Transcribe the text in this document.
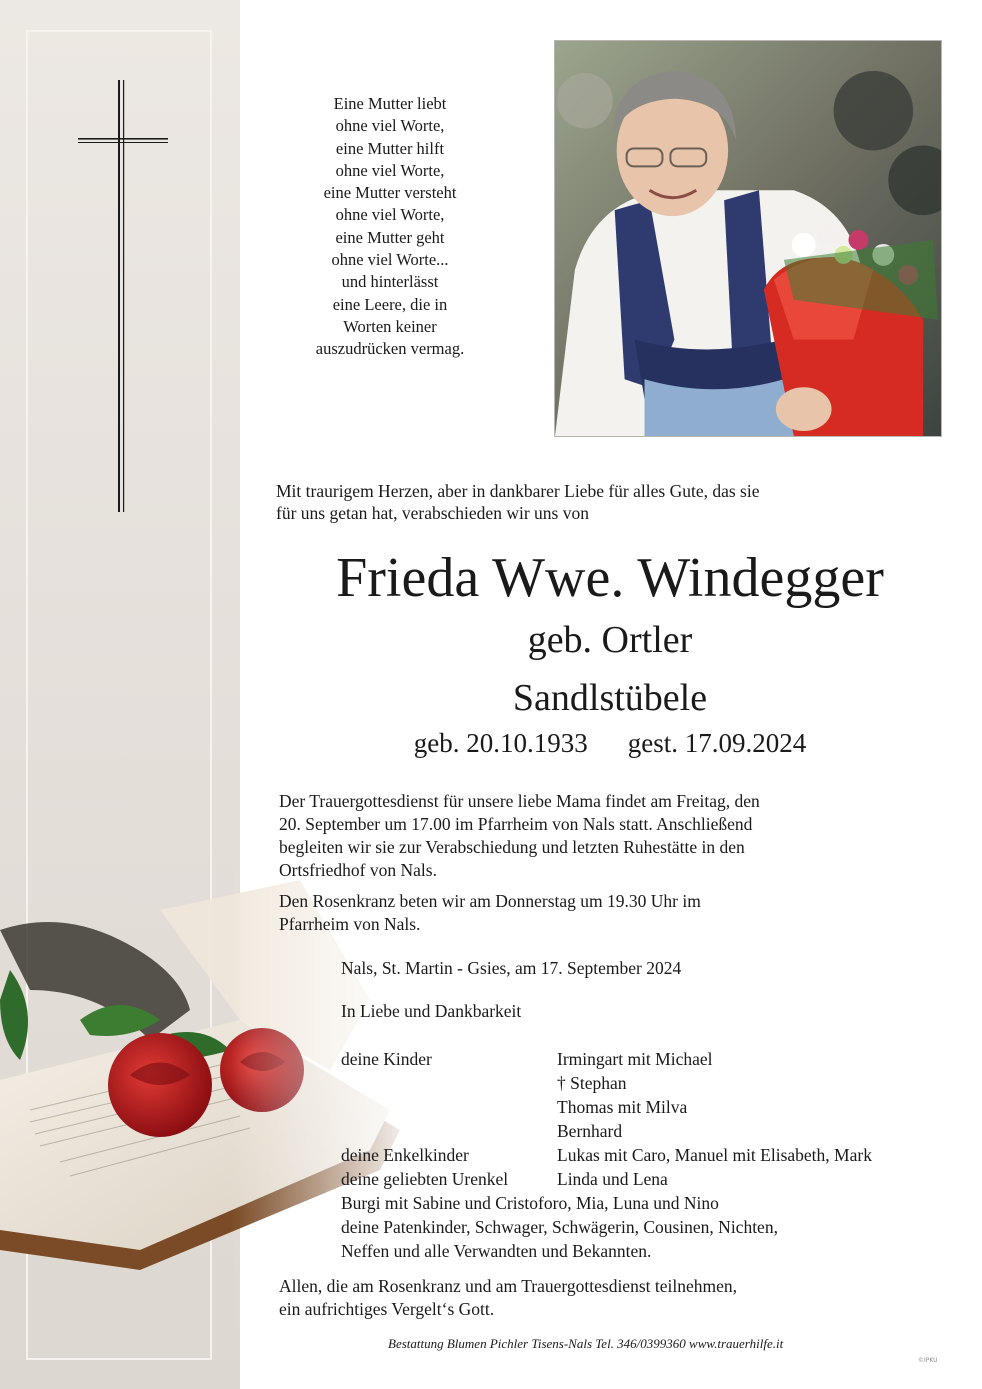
Eine Mutter liebt
ohne viel Worte,
eine Mutter hilft
ohne viel Worte,
eine Mutter versteht
ohne viel Worte,
eine Mutter geht
ohne viel Worte...
und hinterlässt
eine Leere, die in
Worten keiner
auszudrücken vermag.

Mit traurigem Herzen, aber in dankbarer Liebe für alles Gute, das sie
für uns getan hat, verabschieden wir uns von

Frieda Wwe. Windegger

geb. Ortler

Sandlstübele

geb. 20.10.1933 gest. 17.09.2024

Der Trauergottesdienst für unsere liebe Mama findet am Freitag, den
20. September um 17.00 im Pfarrheim von Nals statt. Anschließend
begleiten wir sie zur Verabschiedung und letzten Ruhestätte in den
Ortsfriedhof von Nals.

Den Rosenkranz beten wir am Donnerstag um 19.30 Uhr im
Pfarrheim von Nals.

Nals, St. Martin - Gsies, am 17. September 2024

In Liebe und Dankbarkeit

deine Kinder	Irmingart mit Michael
† Stephan
Thomas mit Milva
Bernhard
deine Enkelkinder	Lukas mit Caro, Manuel mit Elisabeth, Mark
deine geliebten Urenkel	Linda und Lena
Burgi mit Sabine und Cristoforo, Mia, Luna und Nino
deine Patenkinder, Schwager, Schwägerin, Cousinen, Nichten,
Neffen und alle Verwandten und Bekannten.

Allen, die am Rosenkranz und am Trauergottesdienst teilnehmen,
ein aufrichtiges Vergelt‘s Gott.

Bestattung Blumen Pichler Tisens-Nals Tel. 346/0399360 www.trauerhilfe.it

©IPKU
